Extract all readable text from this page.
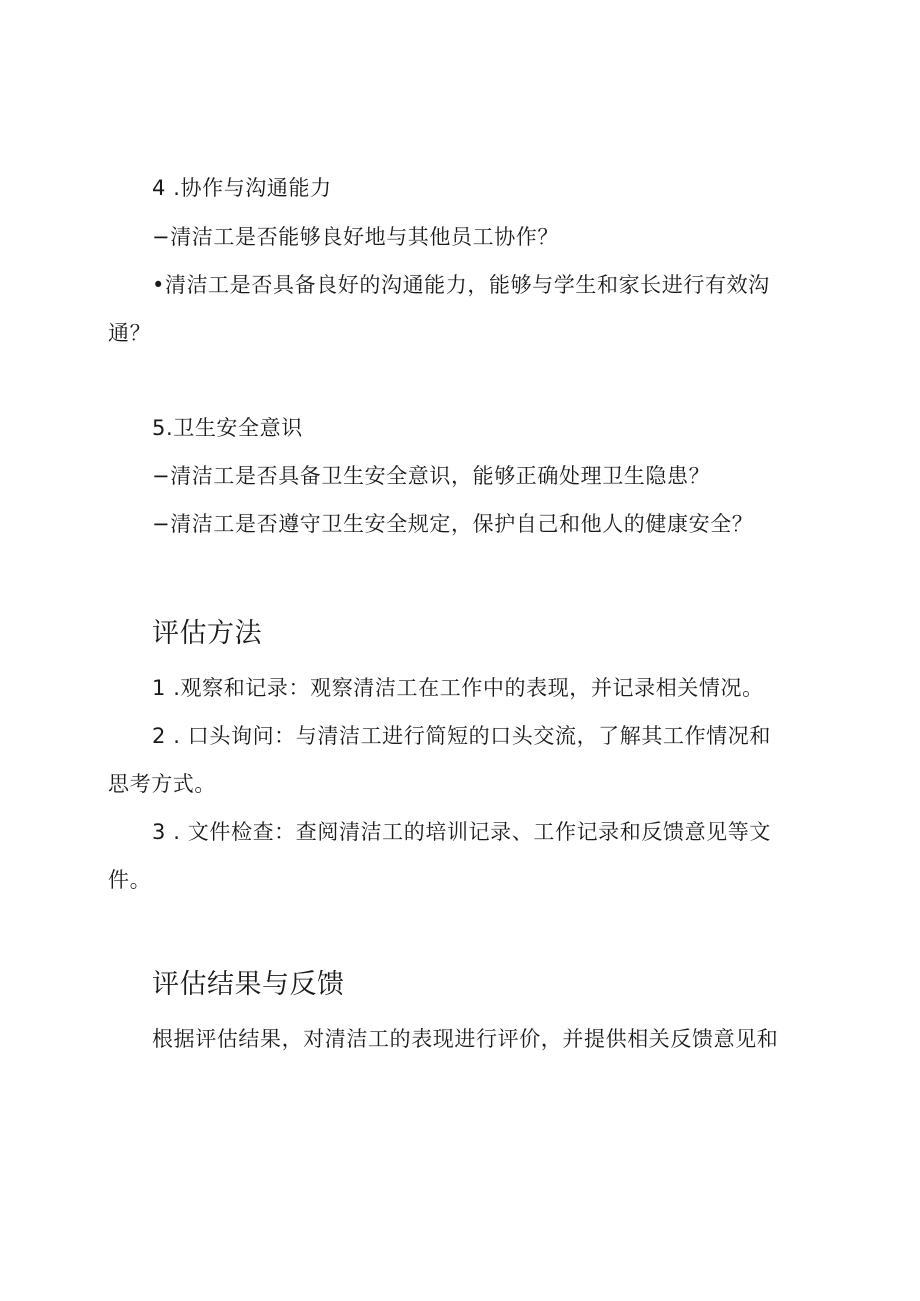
4 .协作与沟通能力
−清洁工是否能够良好地与其他员工协作？
•清洁工是否具备良好的沟通能力，能够与学生和家长进行有效沟
通？
5.卫生安全意识
−清洁工是否具备卫生安全意识，能够正确处理卫生隐患？
−清洁工是否遵守卫生安全规定，保护自己和他人的健康安全？
评估方法
1 .观察和记录：观察清洁工在工作中的表现，并记录相关情况。
2 . 口头询问：与清洁工进行简短的口头交流，了解其工作情况和
思考方式。
3 . 文件检查：查阅清洁工的培训记录、工作记录和反馈意见等文
件。
评估结果与反馈
根据评估结果，对清洁工的表现进行评价，并提供相关反馈意见和
